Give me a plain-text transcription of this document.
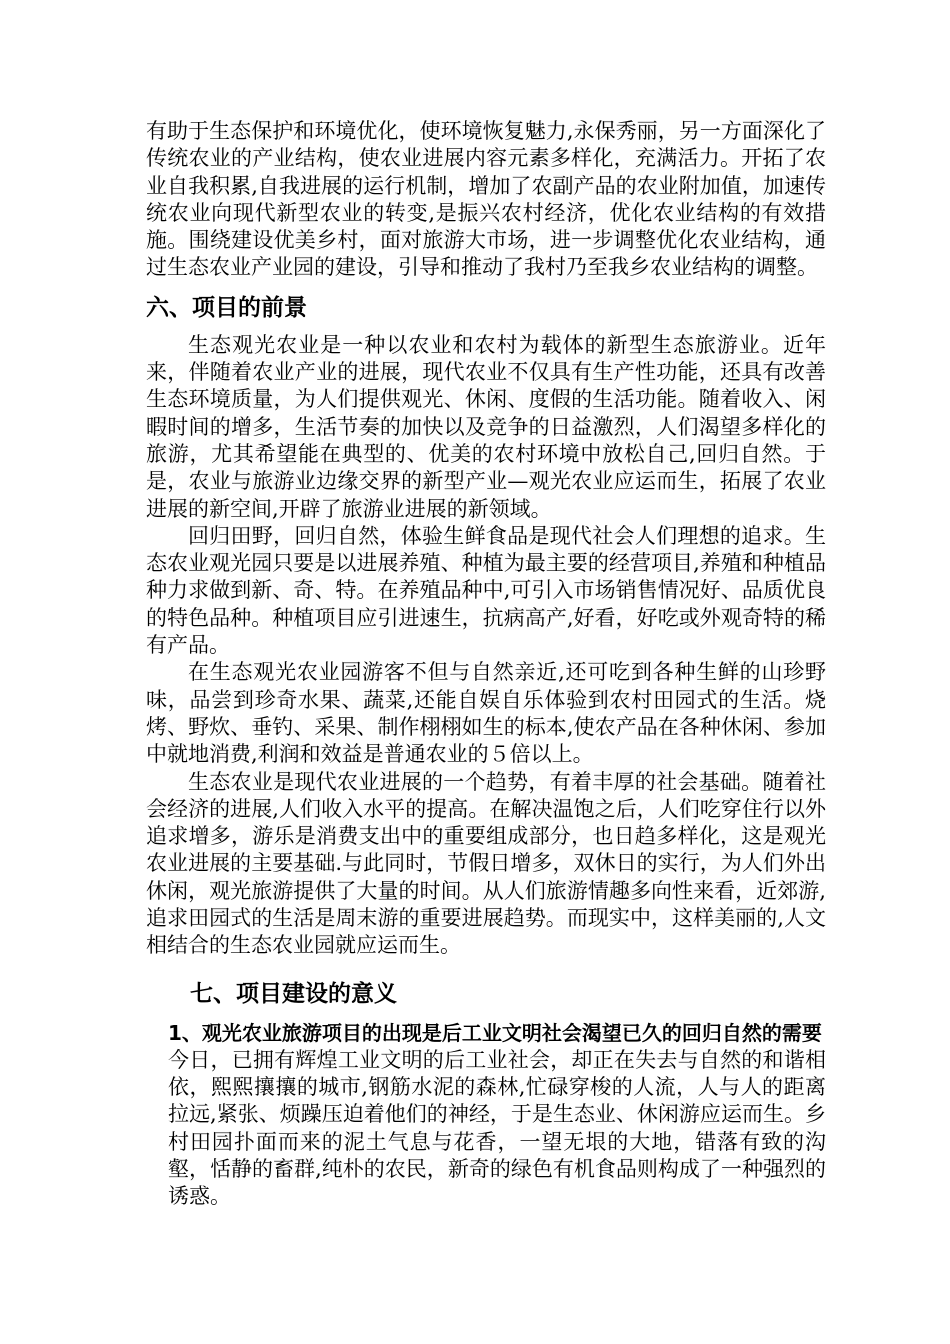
有助于生态保护和环境优化，使环境恢复魅力,永保秀丽，另一方面深化了传统农业的产业结构，使农业进展内容元素多样化，充满活力。开拓了农业自我积累,自我进展的运行机制，增加了农副产品的农业附加值，加速传统农业向现代新型农业的转变,是振兴农村经济，优化农业结构的有效措施。围绕建设优美乡村，面对旅游大市场，进一步调整优化农业结构，通过生态农业产业园的建设，引导和推动了我村乃至我乡农业结构的调整。

六、项目的前景

生态观光农业是一种以农业和农村为载体的新型生态旅游业。近年来，伴随着农业产业的进展，现代农业不仅具有生产性功能，还具有改善生态环境质量，为人们提供观光、休闲、度假的生活功能。随着收入、闲暇时间的增多，生活节奏的加快以及竞争的日益激烈，人们渴望多样化的旅游，尤其希望能在典型的、优美的农村环境中放松自己,回归自然。于是，农业与旅游业边缘交界的新型产业—观光农业应运而生，拓展了农业进展的新空间,开辟了旅游业进展的新领域。

回归田野，回归自然，体验生鲜食品是现代社会人们理想的追求。生态农业观光园只要是以进展养殖、种植为最主要的经营项目,养殖和种植品种力求做到新、奇、特。在养殖品种中,可引入市场销售情况好、品质优良的特色品种。种植项目应引进速生，抗病高产,好看，好吃或外观奇特的稀有产品。

在生态观光农业园游客不但与自然亲近,还可吃到各种生鲜的山珍野味，品尝到珍奇水果、蔬菜,还能自娱自乐体验到农村田园式的生活。烧烤、野炊、垂钓、采果、制作栩栩如生的标本,使农产品在各种休闲、参加中就地消费,利润和效益是普通农业的５倍以上。

生态农业是现代农业进展的一个趋势，有着丰厚的社会基础。随着社会经济的进展,人们收入水平的提高。在解决温饱之后，人们吃穿住行以外追求增多，游乐是消费支出中的重要组成部分，也日趋多样化，这是观光农业进展的主要基础.与此同时，节假日增多，双休日的实行，为人们外出休闲，观光旅游提供了大量的时间。从人们旅游情趣多向性来看，近郊游,追求田园式的生活是周末游的重要进展趋势。而现实中，这样美丽的,人文相结合的生态农业园就应运而生。

七、项目建设的意义
1、观光农业旅游项目的出现是后工业文明社会渴望已久的回归自然的需要

今日，已拥有辉煌工业文明的后工业社会，却正在失去与自然的和谐相依，熙熙攘攘的城市,钢筋水泥的森林,忙碌穿梭的人流，人与人的距离拉远,紧张、烦躁压迫着他们的神经，于是生态业、休闲游应运而生。乡村田园扑面而来的泥土气息与花香，一望无垠的大地，错落有致的沟壑，恬静的畜群,纯朴的农民，新奇的绿色有机食品则构成了一种强烈的诱惑。
